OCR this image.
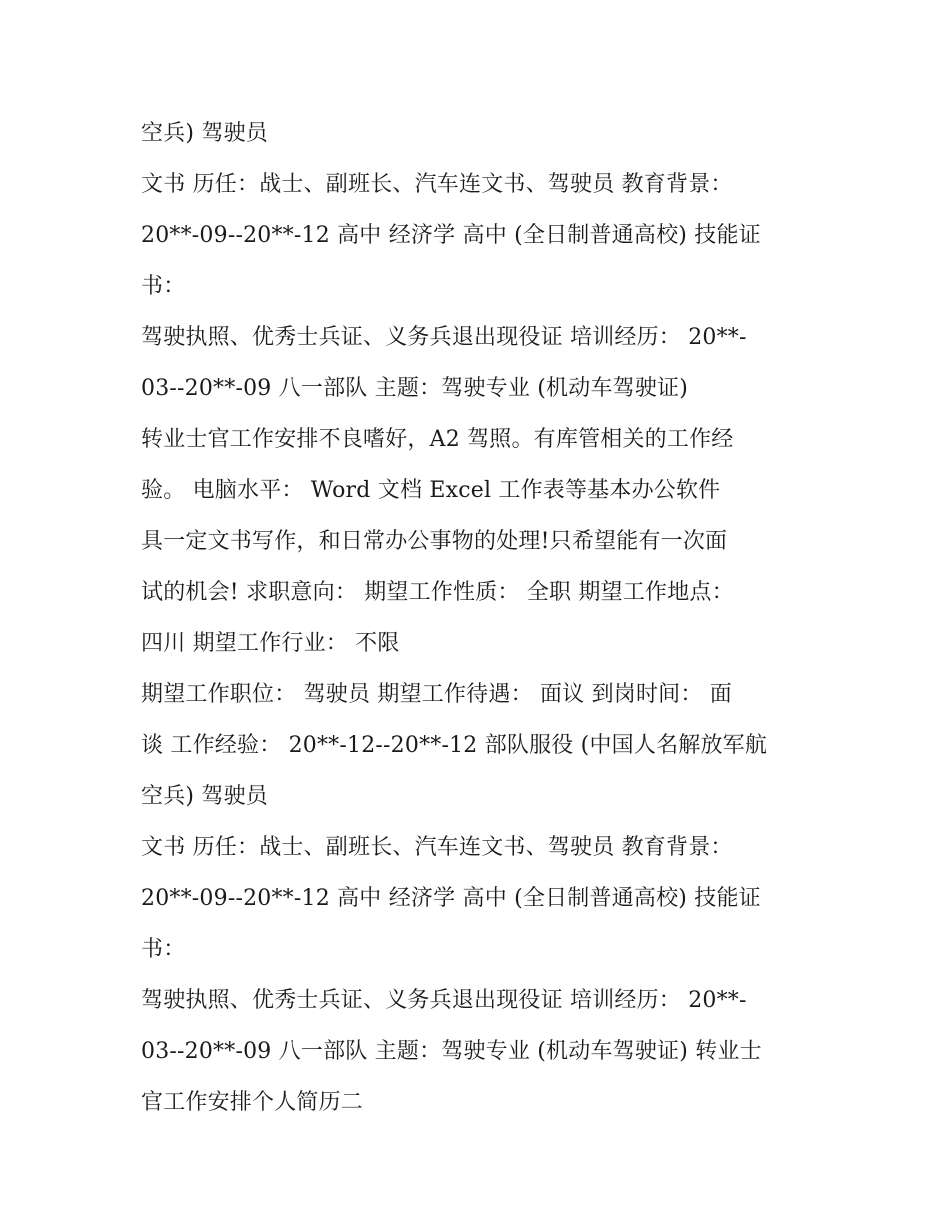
空兵) 驾驶员
文书 历任：战士、副班长、汽车连文书、驾驶员 教育背景：
20**-09--20**-12 高中 经济学 高中 (全日制普通高校) 技能证
书：
驾驶执照、优秀士兵证、义务兵退出现役证 培训经历： 20**-
03--20**-09 八一部队 主题：驾驶专业 (机动车驾驶证)
转业士官工作安排不良嗜好，A2 驾照。有库管相关的工作经
验。 电脑水平： Word 文档 Excel 工作表等基本办公软件
具一定文书写作，和日常办公事物的处理!只希望能有一次面
试的机会! 求职意向： 期望工作性质： 全职 期望工作地点：
四川 期望工作行业： 不限
期望工作职位： 驾驶员 期望工作待遇： 面议 到岗时间： 面
谈 工作经验： 20**-12--20**-12 部队服役 (中国人名解放军航
空兵) 驾驶员
文书 历任：战士、副班长、汽车连文书、驾驶员 教育背景：
20**-09--20**-12 高中 经济学 高中 (全日制普通高校) 技能证
书：
驾驶执照、优秀士兵证、义务兵退出现役证 培训经历： 20**-
03--20**-09 八一部队 主题：驾驶专业 (机动车驾驶证) 转业士
官工作安排个人简历二
